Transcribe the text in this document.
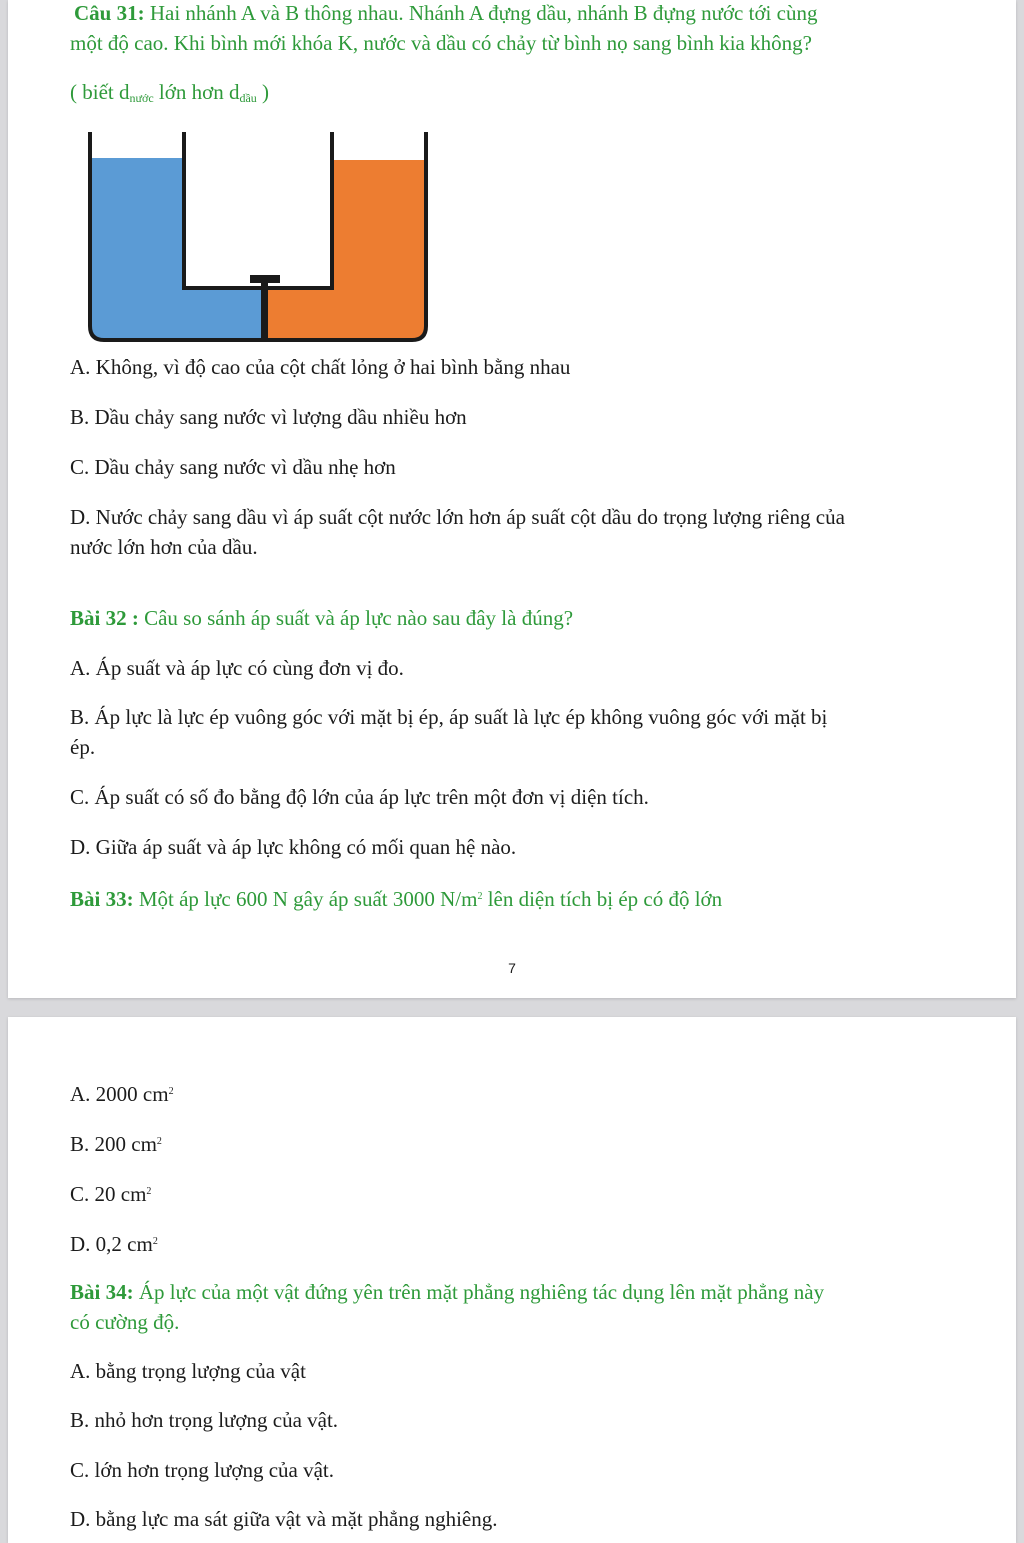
Câu 31: Hai nhánh A và B thông nhau. Nhánh A đựng dầu, nhánh B đựng nước tới cùng
một độ cao. Khi bình mới khóa K, nước và dầu có chảy từ bình nọ sang bình kia không?
( biết $d_{nước}$ lớn hơn $d_{dầu}$ )
A. Không, vì độ cao của cột chất lỏng ở hai bình bằng nhau
B. Dầu chảy sang nước vì lượng dầu nhiều hơn
C. Dầu chảy sang nước vì dầu nhẹ hơn
D. Nước chảy sang dầu vì áp suất cột nước lớn hơn áp suất cột dầu do trọng lượng riêng của
nước lớn hơn của dầu.
Bài 32 : Câu so sánh áp suất và áp lực nào sau đây là đúng?
A. Áp suất và áp lực có cùng đơn vị đo.
B. Áp lực là lực ép vuông góc với mặt bị ép, áp suất là lực ép không vuông góc với mặt bị
ép.
C. Áp suất có số đo bằng độ lớn của áp lực trên một đơn vị diện tích.
D. Giữa áp suất và áp lực không có mối quan hệ nào.
Bài 33: Một áp lực 600 N gây áp suất 3000 $N/m^2$ lên diện tích bị ép có độ lớn
7
A. 2000 $cm^2$
B. 200 $cm^2$
C. 20 $cm^2$
D. 0,2 $cm^2$
Bài 34: Áp lực của một vật đứng yên trên mặt phẳng nghiêng tác dụng lên mặt phẳng này
có cường độ.
A. bằng trọng lượng của vật
B. nhỏ hơn trọng lượng của vật.
C. lớn hơn trọng lượng của vật.
D. bằng lực ma sát giữa vật và mặt phẳng nghiêng.
